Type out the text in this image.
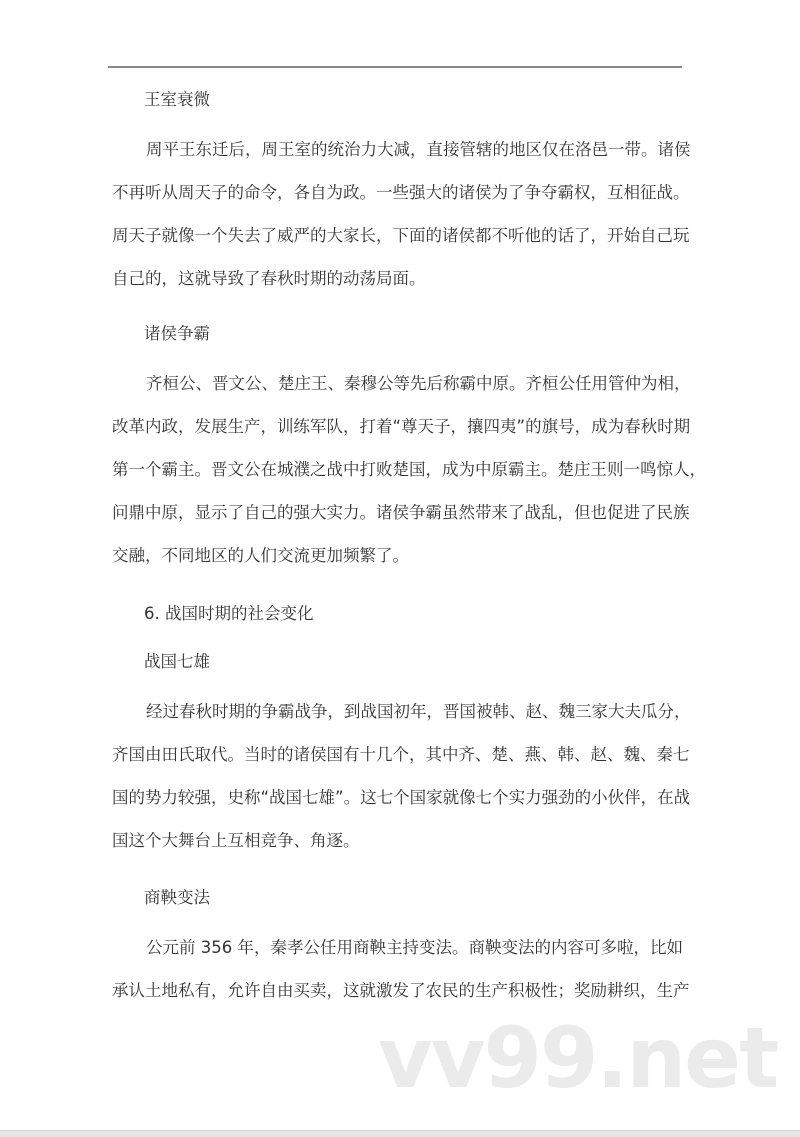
王室衰微
周平王东迁后，周王室的统治力大减，直接管辖的地区仅在洛邑一带。诸侯
不再听从周天子的命令，各自为政。一些强大的诸侯为了争夺霸权，互相征战。
周天子就像一个失去了威严的大家长，下面的诸侯都不听他的话了，开始自己玩
自己的，这就导致了春秋时期的动荡局面。
诸侯争霸
齐桓公、晋文公、楚庄王、秦穆公等先后称霸中原。齐桓公任用管仲为相，
改革内政，发展生产，训练军队，打着“尊天子，攘四夷”的旗号，成为春秋时期
第一个霸主。晋文公在城濮之战中打败楚国，成为中原霸主。楚庄王则一鸣惊人，
问鼎中原，显示了自己的强大实力。诸侯争霸虽然带来了战乱，但也促进了民族
交融，不同地区的人们交流更加频繁了。
6. 战国时期的社会变化
战国七雄
经过春秋时期的争霸战争，到战国初年，晋国被韩、赵、魏三家大夫瓜分，
齐国由田氏取代。当时的诸侯国有十几个，其中齐、楚、燕、韩、赵、魏、秦七
国的势力较强，史称“战国七雄”。这七个国家就像七个实力强劲的小伙伴，在战
国这个大舞台上互相竞争、角逐。
商鞅变法
公元前 356 年，秦孝公任用商鞅主持变法。商鞅变法的内容可多啦，比如
承认土地私有，允许自由买卖，这就激发了农民的生产积极性；奖励耕织，生产
vv99.net
